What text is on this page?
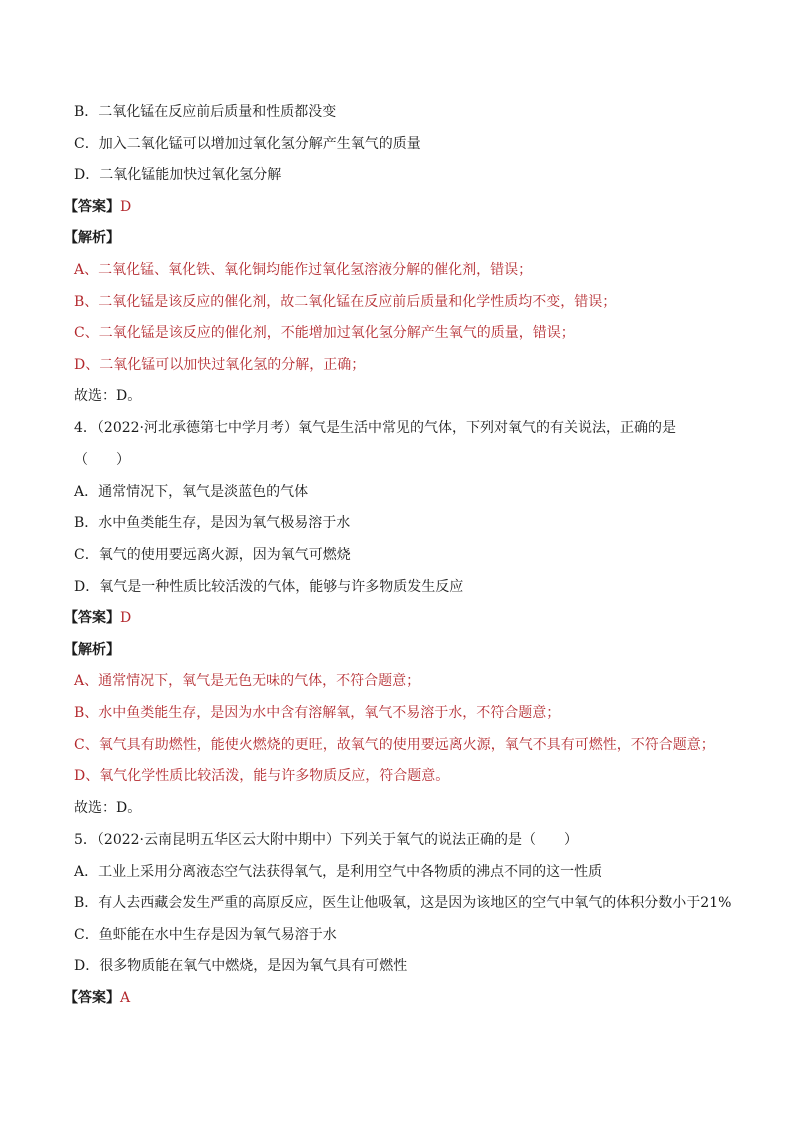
B．二氧化锰在反应前后质量和性质都没变
C．加入二氧化锰可以增加过氧化氢分解产生氧气的质量
D．二氧化锰能加快过氧化氢分解
【答案】D
【解析】
A、二氧化锰、氧化铁、氧化铜均能作过氧化氢溶液分解的催化剂，错误；
B、二氧化锰是该反应的催化剂，故二氧化锰在反应前后质量和化学性质均不变，错误；
C、二氧化锰是该反应的催化剂，不能增加过氧化氢分解产生氧气的质量，错误；
D、二氧化锰可以加快过氧化氢的分解，正确；
故选：D。
4．（2022·河北承德第七中学月考）氧气是生活中常见的气体，下列对氧气的有关说法，正确的是
（　　）
A．通常情况下，氧气是淡蓝色的气体
B．水中鱼类能生存，是因为氧气极易溶于水
C．氧气的使用要远离火源，因为氧气可燃烧
D．氧气是一种性质比较活泼的气体，能够与许多物质发生反应
【答案】D
【解析】
A、通常情况下，氧气是无色无味的气体，不符合题意；
B、水中鱼类能生存，是因为水中含有溶解氧，氧气不易溶于水，不符合题意；
C、氧气具有助燃性，能使火燃烧的更旺，故氧气的使用要远离火源，氧气不具有可燃性，不符合题意；
D、氧气化学性质比较活泼，能与许多物质反应，符合题意。
故选：D。
5．（2022·云南昆明五华区云大附中期中）下列关于氧气的说法正确的是（　　）
A．工业上采用分离液态空气法获得氧气，是利用空气中各物质的沸点不同的这一性质
B．有人去西藏会发生严重的高原反应，医生让他吸氧，这是因为该地区的空气中氧气的体积分数小于21%
C．鱼虾能在水中生存是因为氧气易溶于水
D．很多物质能在氧气中燃烧，是因为氧气具有可燃性
【答案】A
